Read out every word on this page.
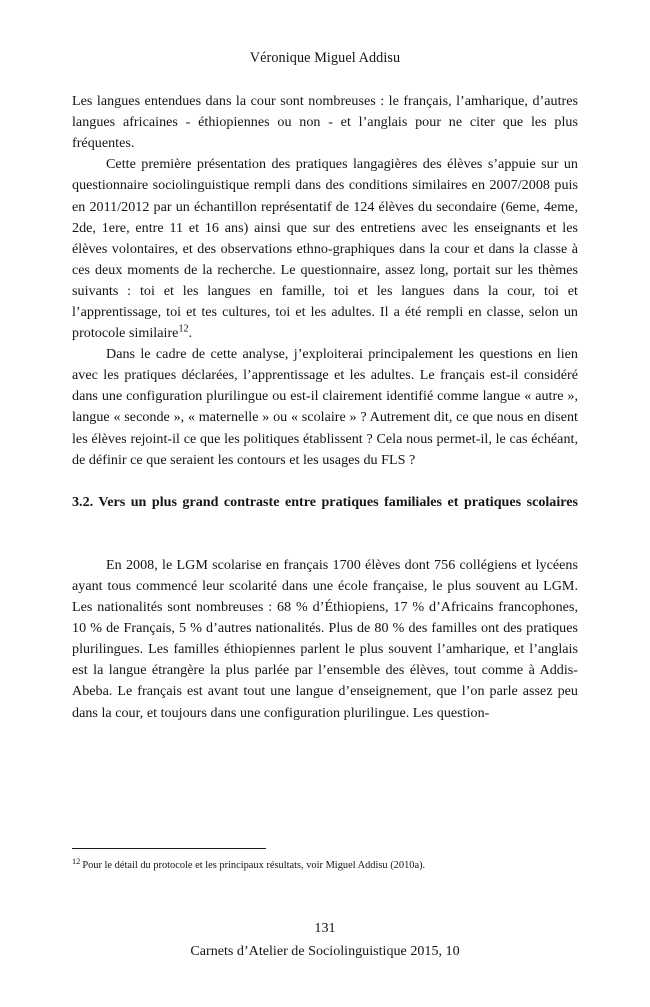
Véronique Miguel Addisu

Les langues entendues dans la cour sont nombreuses : le français, l’amharique, d’autres langues africaines - éthiopiennes ou non - et l’anglais pour ne citer que les plus fréquentes.

Cette première présentation des pratiques langagières des élèves s’appuie sur un questionnaire sociolinguistique rempli dans des conditions similaires en 2007/2008 puis en 2011/2012 par un échantillon représentatif de 124 élèves du secondaire (6eme, 4eme, 2de, 1ere, entre 11 et 16 ans) ainsi que sur des entretiens avec les enseignants et les élèves volontaires, et des observations ethno-graphiques dans la cour et dans la classe à ces deux moments de la recherche. Le questionnaire, assez long, portait sur les thèmes suivants : toi et les langues en famille, toi et les langues dans la cour, toi et l’apprentissage, toi et tes cultures, toi et les adultes. Il a été rempli en classe, selon un protocole similaire$^{12}$.

Dans le cadre de cette analyse, j’exploiterai principalement les questions en lien avec les pratiques déclarées, l’apprentissage et les adultes. Le français est-il considéré dans une configuration plurilingue ou est-il clairement identifié comme langue « autre », langue « seconde », « maternelle » ou « scolaire » ? Autrement dit, ce que nous en disent les élèves rejoint-il ce que les politiques établissent ? Cela nous permet-il, le cas échéant, de définir ce que seraient les contours et les usages du FLS ?

3.2. Vers un plus grand contraste entre pratiques familiales et pratiques scolaires

En 2008, le LGM scolarise en français 1700 élèves dont 756 collégiens et lycéens ayant tous commencé leur scolarité dans une école française, le plus souvent au LGM. Les nationalités sont nombreuses : 68 % d’Éthiopiens, 17 % d’Africains francophones, 10 % de Français, 5 % d’autres nationalités. Plus de 80 % des familles ont des pratiques plurilingues. Les familles éthiopiennes parlent le plus souvent l’amharique, et l’anglais est la langue étrangère la plus parlée par l’ensemble des élèves, tout comme à Addis-Abeba. Le français est avant tout une langue d’enseignement, que l’on parle assez peu dans la cour, et toujours dans une configuration plurilingue. Les question-

$^{12}$ Pour le détail du protocole et les principaux résultats, voir Miguel Addisu (2010a).

131
Carnets d’Atelier de Sociolinguistique 2015, 10
